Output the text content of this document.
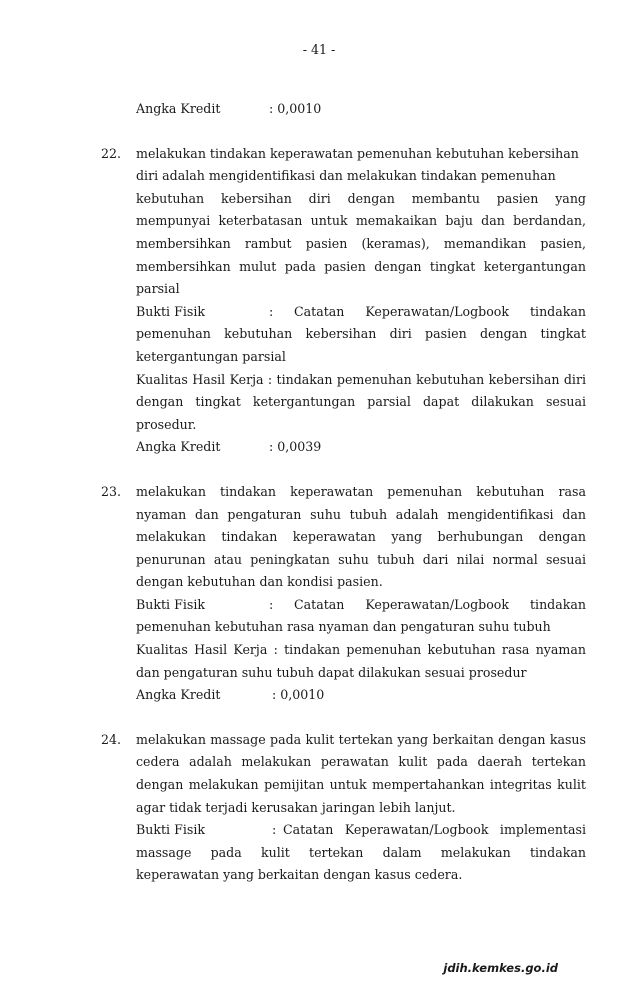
- 41 -
Angka Kredit	: 0,0010
22. melakukan tindakan keperawatan pemenuhan kebutuhan kebersihan
diri adalah mengidentifikasi dan melakukan tindakan pemenuhan
kebutuhan kebersihan diri dengan membantu pasien yang
mempunyai keterbatasan untuk memakaikan baju dan berdandan,
membersihkan rambut pasien (keramas), memandikan pasien,
membersihkan mulut pada pasien dengan tingkat ketergantungan
parsial
Bukti Fisik	:	Catatan Keperawatan/Logbook tindakan
pemenuhan kebutuhan kebersihan diri pasien dengan tingkat
ketergantungan parsial
Kualitas Hasil Kerja : tindakan pemenuhan kebutuhan kebersihan diri
dengan tingkat ketergantungan parsial dapat dilakukan sesuai
prosedur.
Angka Kredit	: 0,0039
23. melakukan tindakan keperawatan pemenuhan kebutuhan rasa
nyaman dan pengaturan suhu tubuh adalah mengidentifikasi dan
melakukan tindakan keperawatan yang berhubungan dengan
penurunan atau peningkatan suhu tubuh dari nilai normal sesuai
dengan kebutuhan dan kondisi pasien.
Bukti Fisik	:	Catatan Keperawatan/Logbook tindakan
pemenuhan kebutuhan rasa nyaman dan pengaturan suhu tubuh
Kualitas Hasil Kerja : tindakan pemenuhan kebutuhan rasa nyaman
dan pengaturan suhu tubuh dapat dilakukan sesuai prosedur
Angka Kredit	: 0,0010
24. melakukan massage pada kulit tertekan yang berkaitan dengan kasus
cedera adalah melakukan perawatan kulit pada daerah tertekan
dengan melakukan pemijitan untuk mempertahankan integritas kulit
agar tidak terjadi kerusakan jaringan lebih lanjut.
Bukti Fisik	: Catatan Keperawatan/Logbook implementasi
massage pada kulit tertekan dalam melakukan tindakan
keperawatan yang berkaitan dengan kasus cedera.
jdih.kemkes.go.id
